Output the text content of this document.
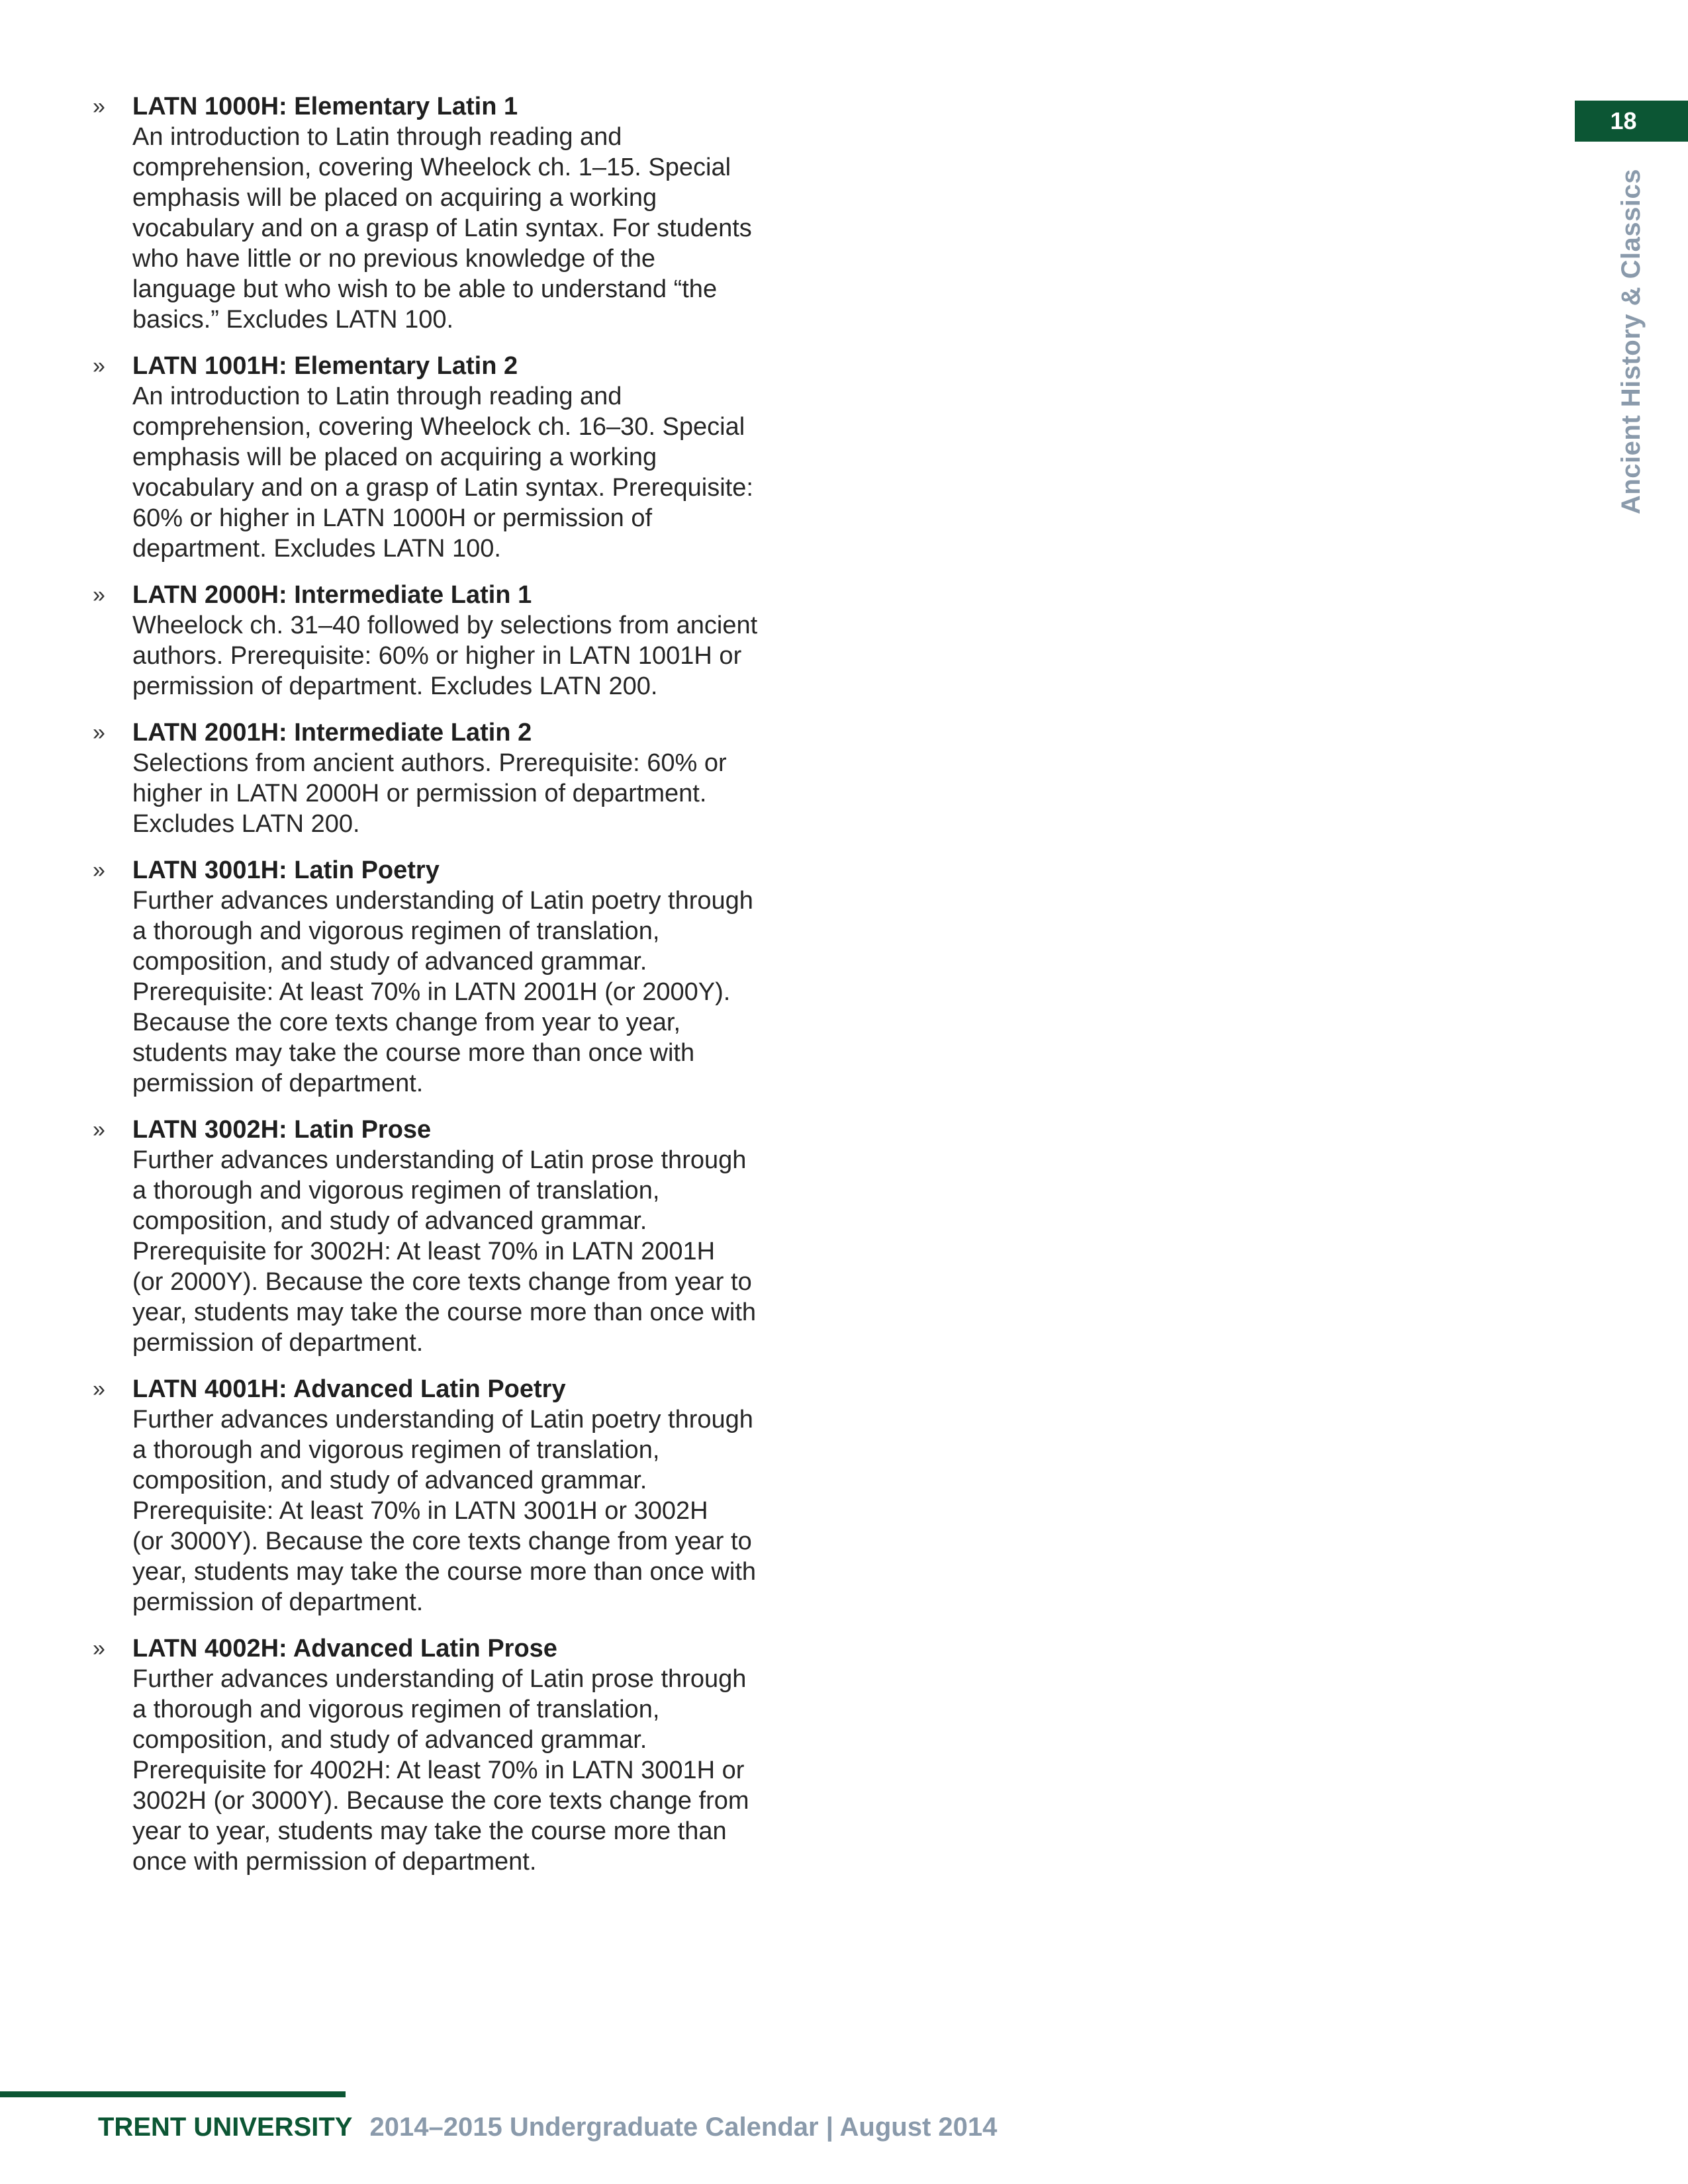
» LATN 1000H: Elementary Latin 1
An introduction to Latin through reading and
comprehension, covering Wheelock ch. 1–15. Special
emphasis will be placed on acquiring a working
vocabulary and on a grasp of Latin syntax. For students
who have little or no previous knowledge of the
language but who wish to be able to understand “the
basics.” Excludes LATN 100.
» LATN 1001H: Elementary Latin 2
An introduction to Latin through reading and
comprehension, covering Wheelock ch. 16–30. Special
emphasis will be placed on acquiring a working
vocabulary and on a grasp of Latin syntax. Prerequisite:
60% or higher in LATN 1000H or permission of
department. Excludes LATN 100.
» LATN 2000H: Intermediate Latin 1
Wheelock ch. 31–40 followed by selections from ancient
authors. Prerequisite: 60% or higher in LATN 1001H or
permission of department. Excludes LATN 200.
» LATN 2001H: Intermediate Latin 2
Selections from ancient authors. Prerequisite: 60% or
higher in LATN 2000H or permission of department.
Excludes LATN 200.
» LATN 3001H: Latin Poetry
Further advances understanding of Latin poetry through
a thorough and vigorous regimen of translation,
composition, and study of advanced grammar.
Prerequisite: At least 70% in LATN 2001H (or 2000Y).
Because the core texts change from year to year,
students may take the course more than once with
permission of department.
» LATN 3002H: Latin Prose
Further advances understanding of Latin prose through
a thorough and vigorous regimen of translation,
composition, and study of advanced grammar.
Prerequisite for 3002H: At least 70% in LATN 2001H
(or 2000Y). Because the core texts change from year to
year, students may take the course more than once with
permission of department.
» LATN 4001H: Advanced Latin Poetry
Further advances understanding of Latin poetry through
a thorough and vigorous regimen of translation,
composition, and study of advanced grammar.
Prerequisite: At least 70% in LATN 3001H or 3002H
(or 3000Y). Because the core texts change from year to
year, students may take the course more than once with
permission of department.
» LATN 4002H: Advanced Latin Prose
Further advances understanding of Latin prose through
a thorough and vigorous regimen of translation,
composition, and study of advanced grammar.
Prerequisite for 4002H: At least 70% in LATN 3001H or
3002H (or 3000Y). Because the core texts change from
year to year, students may take the course more than
once with permission of department.
18
Ancient History & Classics
TRENT UNIVERSITY 2014–2015 Undergraduate Calendar | August 2014
